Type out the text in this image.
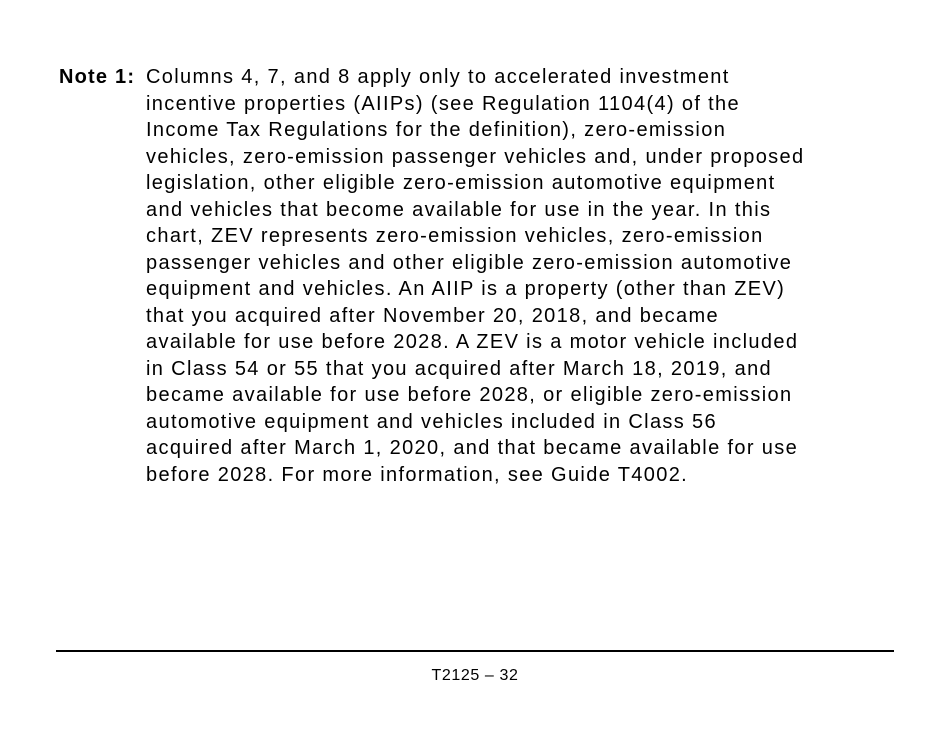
Note 1: Columns 4, 7, and 8 apply only to accelerated investment
incentive properties (AIIPs) (see Regulation 1104(4) of the
Income Tax Regulations for the definition), zero-emission
vehicles, zero-emission passenger vehicles and, under proposed
legislation, other eligible zero-emission automotive equipment
and vehicles that become available for use in the year. In this
chart, ZEV represents zero-emission vehicles, zero-emission
passenger vehicles and other eligible zero-emission automotive
equipment and vehicles. An AIIP is a property (other than ZEV)
that you acquired after November 20, 2018, and became
available for use before 2028. A ZEV is a motor vehicle included
in Class 54 or 55 that you acquired after March 18, 2019, and
became available for use before 2028, or eligible zero-emission
automotive equipment and vehicles included in Class 56
acquired after March 1, 2020, and that became available for use
before 2028. For more information, see Guide T4002.
T2125 – 32
